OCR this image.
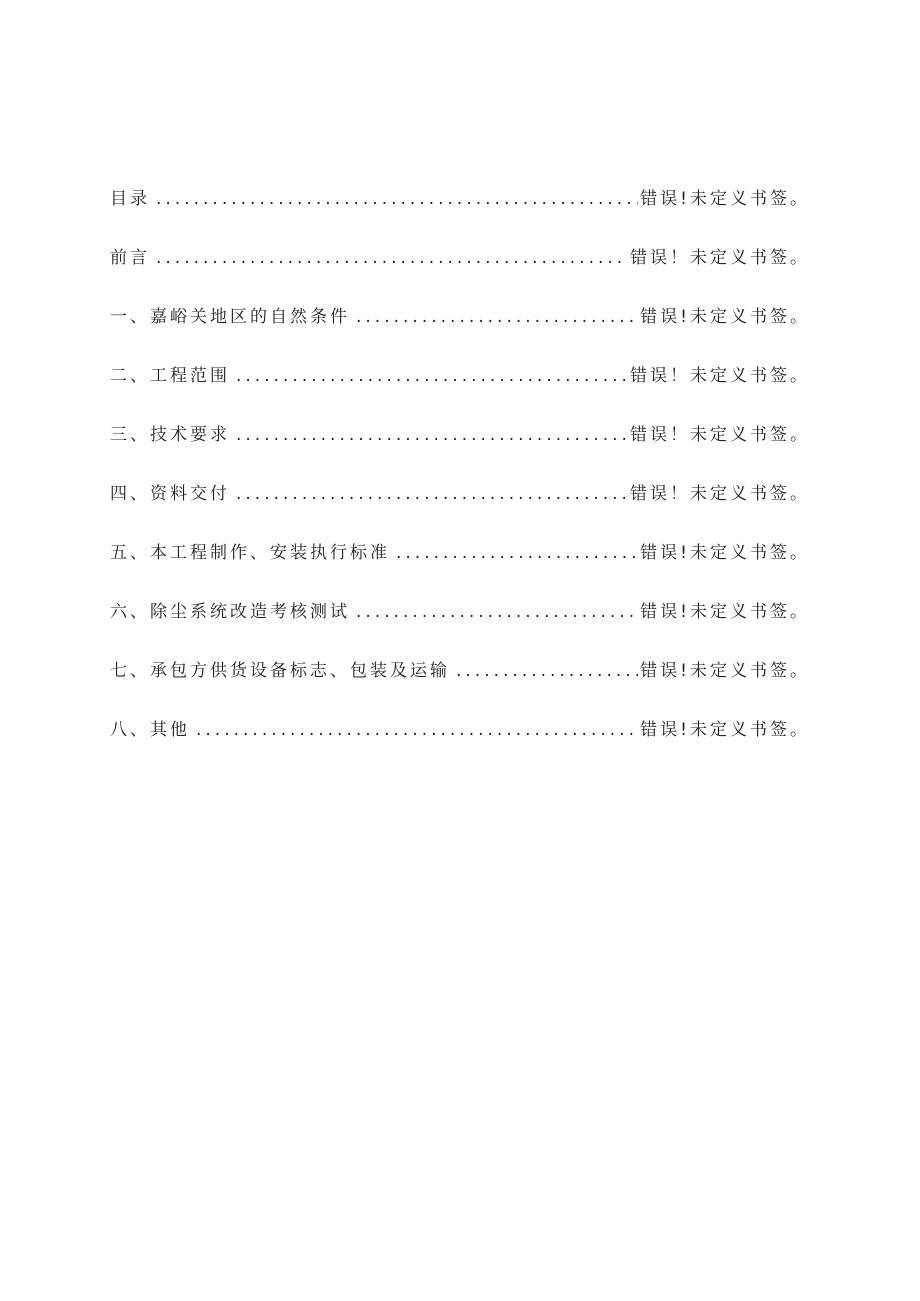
目录 .....	错误!未定义书签。
前言 .....	错误！未定义书签。
一、嘉峪关地区的自然条件 .....	错误!未定义书签。
二、工程范围 .....	错误！未定义书签。
三、技术要求 .....	错误！未定义书签。
四、资料交付 .....	错误！未定义书签。
五、本工程制作、安装执行标准 .....	错误!未定义书签。
六、除尘系统改造考核测试 .....	错误!未定义书签。
七、承包方供货设备标志、包装及运输 .....	错误!未定义书签。
八、其他 .....	错误!未定义书签。
